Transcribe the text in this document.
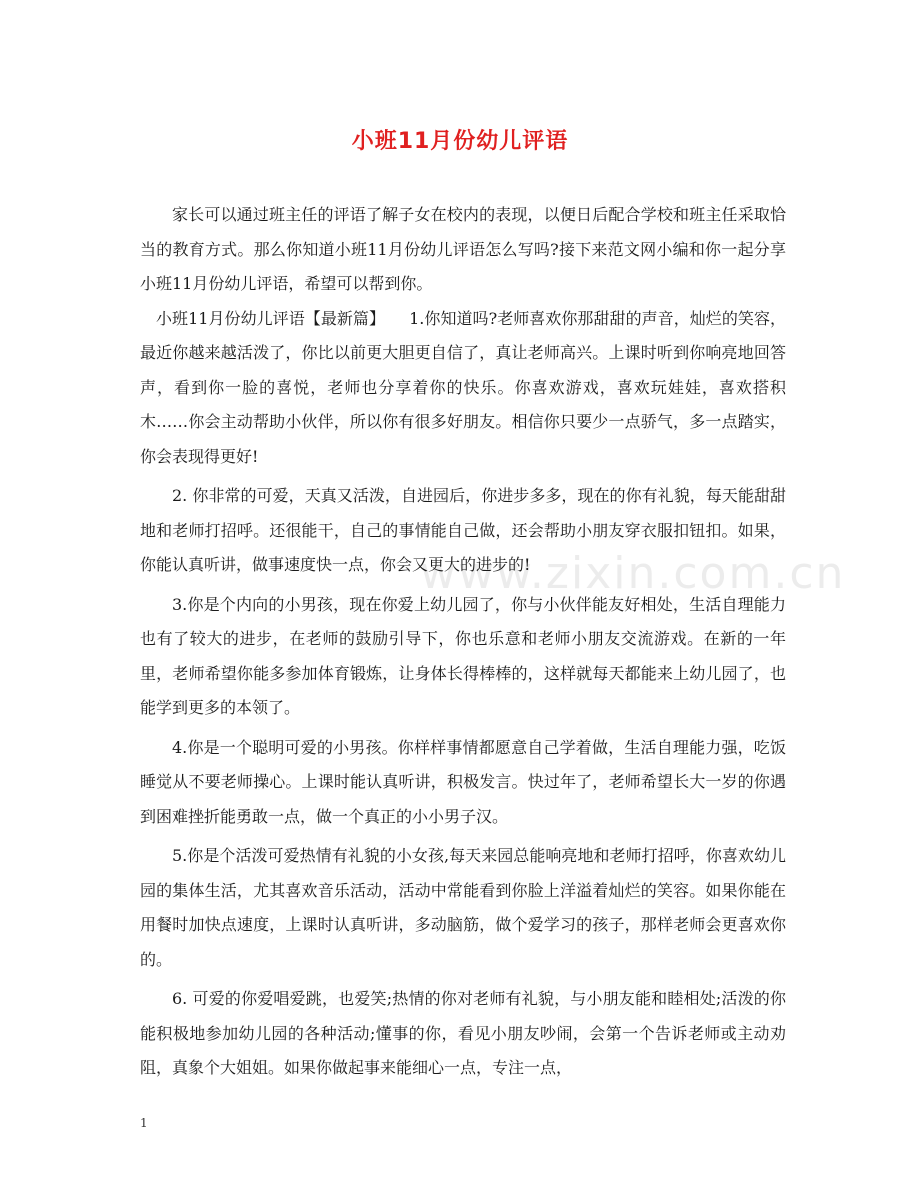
小班11月份幼儿评语
www.zixin.com.cn

家长可以通过班主任的评语了解子女在校内的表现，以便日后配合学校和班主任采取恰当的教育方式。那么你知道小班11月份幼儿评语怎么写吗?接下来范文网小编和你一起分享小班11月份幼儿评语，希望可以帮到你。

小班11月份幼儿评语【最新篇】　　1.你知道吗?老师喜欢你那甜甜的声音，灿烂的笑容，最近你越来越活泼了，你比以前更大胆更自信了，真让老师高兴。上课时听到你响亮地回答声，看到你一脸的喜悦，老师也分享着你的快乐。你喜欢游戏，喜欢玩娃娃，喜欢搭积木……你会主动帮助小伙伴，所以你有很多好朋友。相信你只要少一点骄气，多一点踏实，你会表现得更好!

2. 你非常的可爱，天真又活泼，自进园后，你进步多多，现在的你有礼貌，每天能甜甜地和老师打招呼。还很能干，自己的事情能自己做，还会帮助小朋友穿衣服扣钮扣。如果，你能认真听讲，做事速度快一点，你会又更大的进步的!

3.你是个内向的小男孩，现在你爱上幼儿园了，你与小伙伴能友好相处，生活自理能力也有了较大的进步，在老师的鼓励引导下，你也乐意和老师小朋友交流游戏。在新的一年里，老师希望你能多参加体育锻炼，让身体长得棒棒的，这样就每天都能来上幼儿园了，也能学到更多的本领了。

4.你是一个聪明可爱的小男孩。你样样事情都愿意自己学着做，生活自理能力强，吃饭睡觉从不要老师操心。上课时能认真听讲，积极发言。快过年了，老师希望长大一岁的你遇到困难挫折能勇敢一点，做一个真正的小小男子汉。

5.你是个活泼可爱热情有礼貌的小女孩,每天来园总能响亮地和老师打招呼，你喜欢幼儿园的集体生活，尤其喜欢音乐活动，活动中常能看到你脸上洋溢着灿烂的笑容。如果你能在用餐时加快点速度，上课时认真听讲，多动脑筋，做个爱学习的孩子，那样老师会更喜欢你的。

6. 可爱的你爱唱爱跳，也爱笑;热情的你对老师有礼貌，与小朋友能和睦相处;活泼的你能积极地参加幼儿园的各种活动;懂事的你，看见小朋友吵闹，会第一个告诉老师或主动劝阻，真象个大姐姐。如果你做起事来能细心一点，专注一点，

1
